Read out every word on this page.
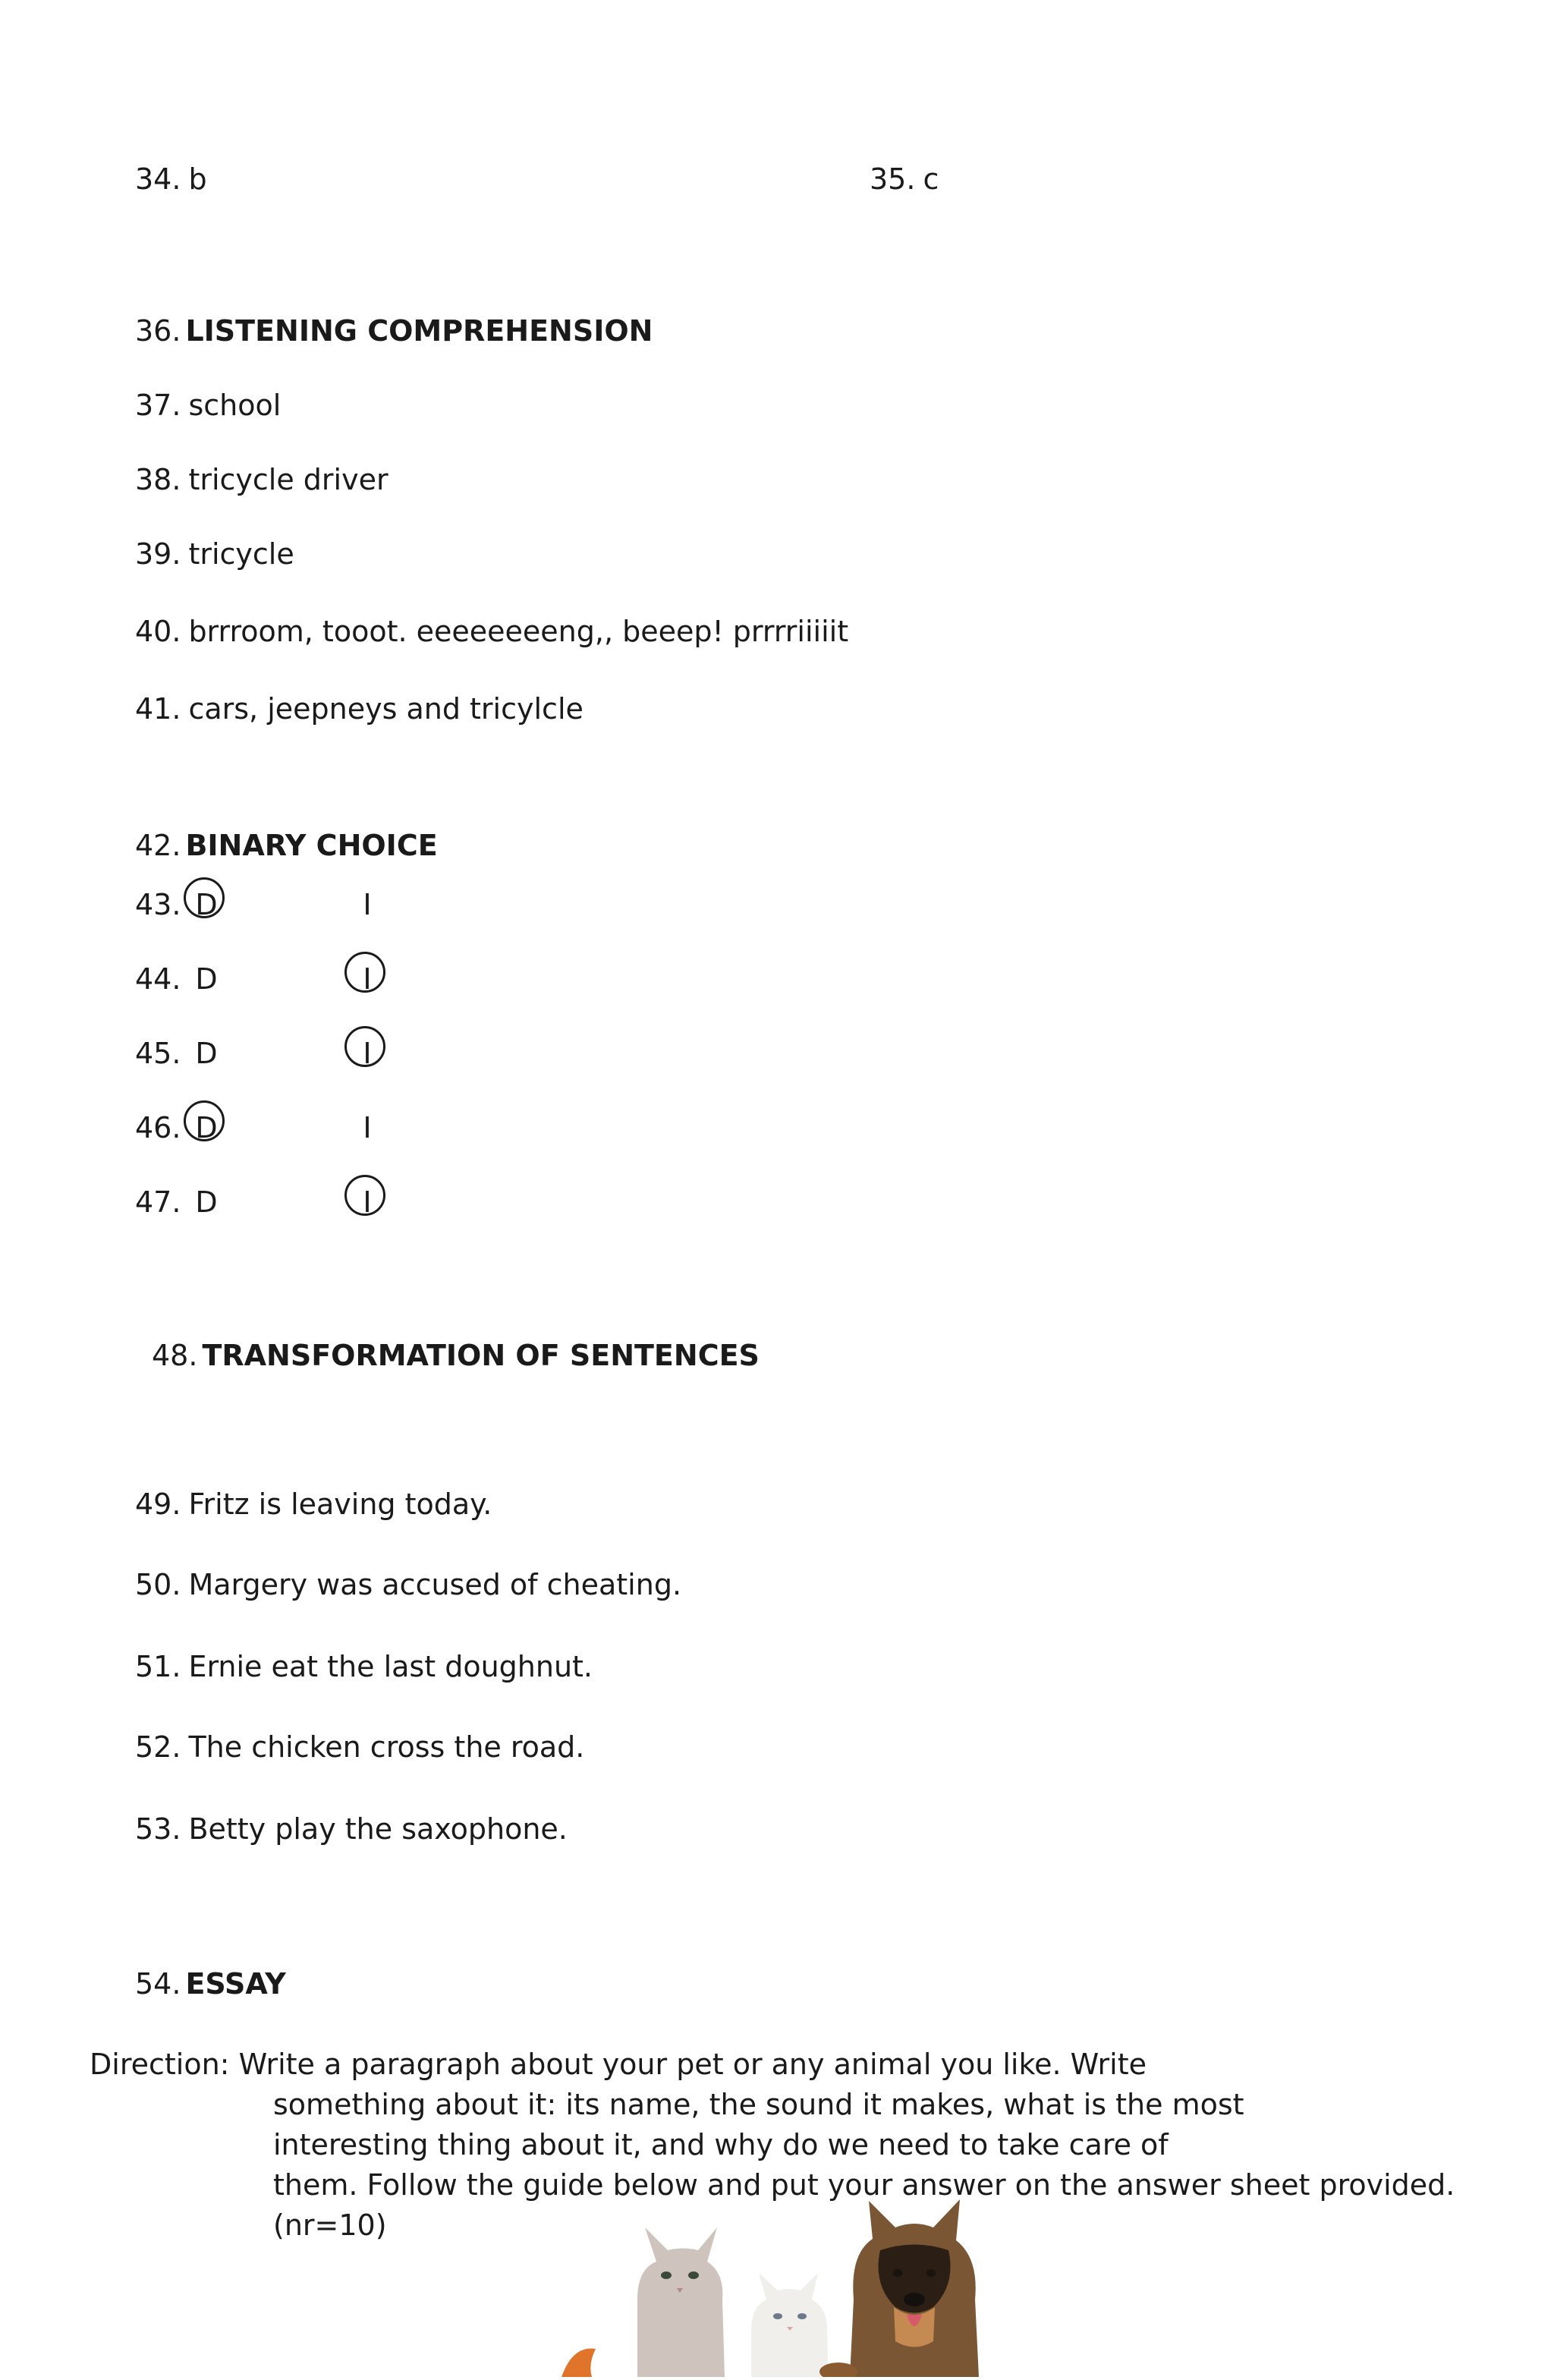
34. b	35. c
36. LISTENING COMPREHENSION
37. school
38. tricycle driver
39. tricycle
40. brrroom, tooot. eeeeeeeeng,, beeep! prrrriiiiit
41. cars, jeepneys and tricylcle
42. BINARY CHOICE
43. D	I
44. D	I
45. D	I
46. D	I
47. D	I
48. TRANSFORMATION OF SENTENCES
49. Fritz is leaving today.
50. Margery was accused of cheating.
51. Ernie eat the last doughnut.
52. The chicken cross the road.
53. Betty play the saxophone.
54. ESSAY
Direction: Write a paragraph about your pet or any animal you like. Write
something about it: its name, the sound it makes, what is the most
interesting thing about it, and why do we need to take care of
them. Follow the guide below and put your answer on the answer sheet provided.
(nr=10)
